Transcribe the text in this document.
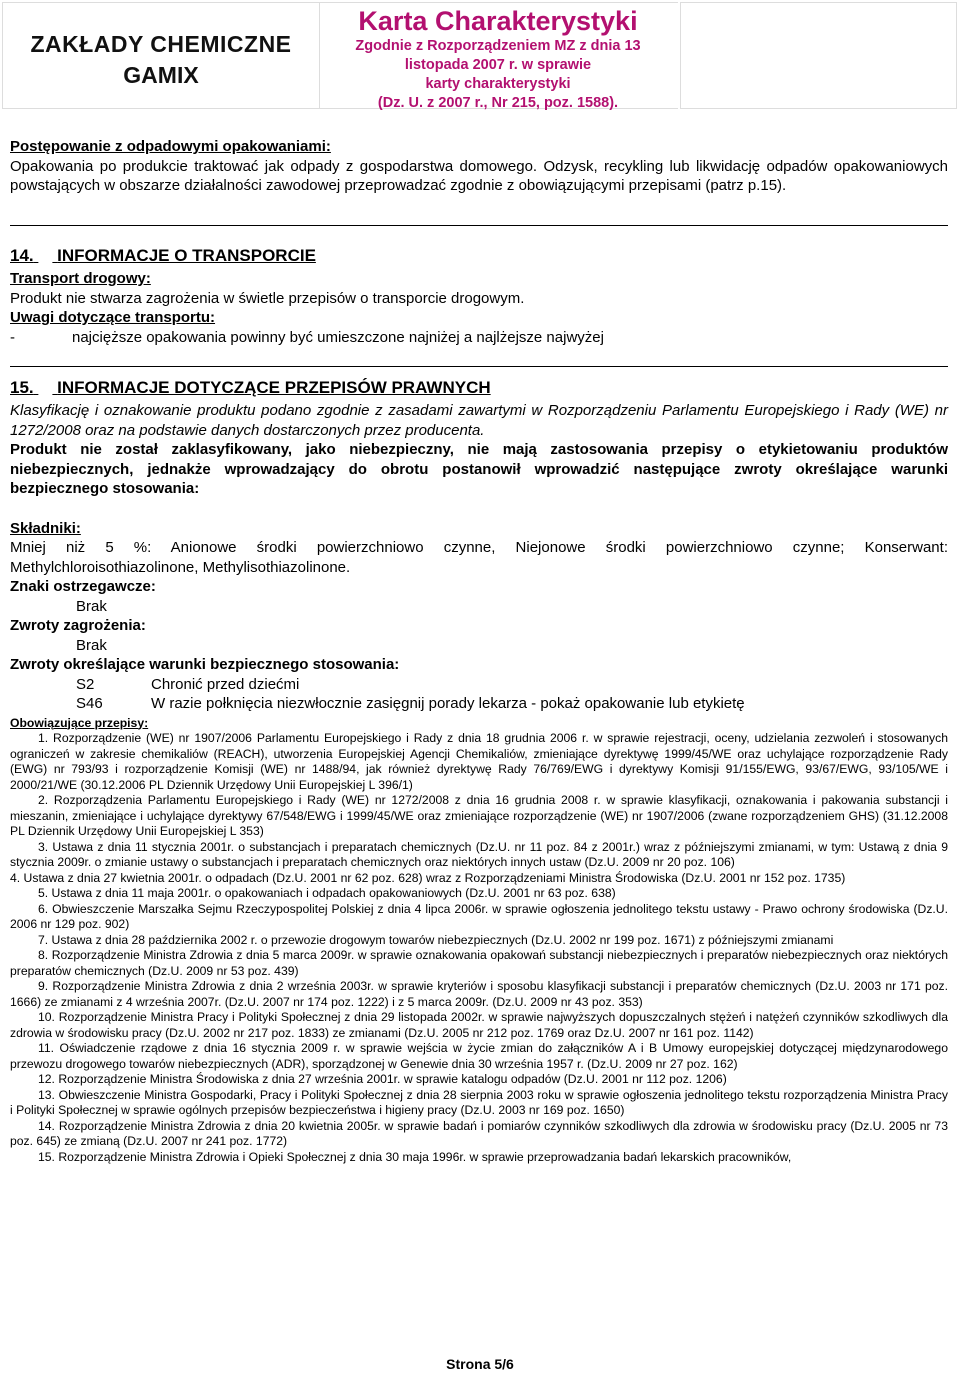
ZAKŁADY CHEMICZNE
GAMIX
Karta Charakterystyki
Zgodnie z Rozporządzeniem MZ z dnia 13
listopada 2007 r. w sprawie
karty charakterystyki
(Dz. U. z 2007 r., Nr 215, poz. 1588).
Postępowanie z odpadowymi opakowaniami:
Opakowania po produkcie traktować jak odpady z gospodarstwa domowego. Odzysk, recykling lub likwidację odpadów opakowaniowych powstających w obszarze działalności zawodowej przeprowadzać zgodnie z obowiązującymi przepisami (patrz p.15).
14. INFORMACJE O TRANSPORCIE
Transport drogowy:
Produkt nie stwarza zagrożenia w świetle przepisów o transporcie drogowym.
Uwagi dotyczące transportu:
-	najcięższe opakowania powinny być umieszczone najniżej a najlżejsze najwyżej
15. INFORMACJE DOTYCZĄCE PRZEPISÓW PRAWNYCH
Klasyfikację i oznakowanie produktu podano zgodnie z zasadami zawartymi w Rozporządzeniu Parlamentu Europejskiego i Rady (WE) nr 1272/2008 oraz na podstawie danych dostarczonych przez producenta.
Produkt nie został zaklasyfikowany, jako niebezpieczny, nie mają zastosowania przepisy o etykietowaniu produktów niebezpiecznych, jednakże wprowadzający do obrotu postanowił wprowadzić następujące zwroty określające warunki bezpiecznego stosowania:
Składniki:
Mniej niż 5 %: Anionowe środki powierzchniowo czynne, Niejonowe środki powierzchniowo czynne; Konserwant: Methylchloroisothiazolinone, Methylisothiazolinone.
Znaki ostrzegawcze:
Brak
Zwroty zagrożenia:
Brak
Zwroty określające warunki bezpiecznego stosowania:
S2	Chronić przed dziećmi
S46	W razie połknięcia niezwłocznie zasięgnij porady lekarza - pokaż opakowanie lub etykietę
Obowiązujące przepisy:
1. Rozporządzenie (WE) nr 1907/2006 Parlamentu Europejskiego i Rady z dnia 18 grudnia 2006 r. w sprawie rejestracji, oceny, udzielania zezwoleń i stosowanych ograniczeń w zakresie chemikaliów (REACH), utworzenia Europejskiej Agencji Chemikaliów, zmieniające dyrektywę 1999/45/WE oraz uchylające rozporządzenie Rady (EWG) nr 793/93 i rozporządzenie Komisji (WE) nr 1488/94, jak również dyrektywę Rady 76/769/EWG i dyrektywy Komisji 91/155/EWG, 93/67/EWG, 93/105/WE i 2000/21/WE (30.12.2006 PL Dziennik Urzędowy Unii Europejskiej L 396/1)
2. Rozporządzenia Parlamentu Europejskiego i Rady (WE) nr 1272/2008 z dnia 16 grudnia 2008 r. w sprawie klasyfikacji, oznakowania i pakowania substancji i mieszanin, zmieniające i uchylające dyrektywy 67/548/EWG i 1999/45/WE oraz zmieniające rozporządzenie (WE) nr 1907/2006 (zwane rozporządzeniem GHS) (31.12.2008 PL Dziennik Urzędowy Unii Europejskiej L 353)
3. Ustawa z dnia 11 stycznia 2001r. o substancjach i preparatach chemicznych (Dz.U. nr 11 poz. 84 z 2001r.) wraz z późniejszymi zmianami, w tym: Ustawą z dnia 9 stycznia 2009r. o zmianie ustawy o substancjach i preparatach chemicznych oraz niektórych innych ustaw (Dz.U. 2009 nr 20 poz. 106)
4. Ustawa z dnia 27 kwietnia 2001r. o odpadach (Dz.U. 2001 nr 62 poz. 628) wraz z Rozporządzeniami Ministra Środowiska (Dz.U. 2001 nr 152 poz. 1735)
5. Ustawa z dnia 11 maja 2001r. o opakowaniach i odpadach opakowaniowych (Dz.U. 2001 nr 63 poz. 638)
6. Obwieszczenie Marszałka Sejmu Rzeczypospolitej Polskiej z dnia 4 lipca 2006r. w sprawie ogłoszenia jednolitego tekstu ustawy - Prawo ochrony środowiska (Dz.U. 2006 nr 129 poz. 902)
7. Ustawa z dnia 28 października 2002 r. o przewozie drogowym towarów niebezpiecznych (Dz.U. 2002 nr 199 poz. 1671) z późniejszymi zmianami
8. Rozporządzenie Ministra Zdrowia z dnia 5 marca 2009r. w sprawie oznakowania opakowań substancji niebezpiecznych i preparatów niebezpiecznych oraz niektórych preparatów chemicznych (Dz.U. 2009 nr 53 poz. 439)
9. Rozporządzenie Ministra Zdrowia z dnia 2 września 2003r. w sprawie kryteriów i sposobu klasyfikacji substancji i preparatów chemicznych (Dz.U. 2003 nr 171 poz. 1666) ze zmianami z 4 września 2007r. (Dz.U. 2007 nr 174 poz. 1222) i z 5 marca 2009r. (Dz.U. 2009 nr 43 poz. 353)
10. Rozporządzenie Ministra Pracy i Polityki Społecznej z dnia 29 listopada 2002r. w sprawie najwyższych dopuszczalnych stężeń i natężeń czynników szkodliwych dla zdrowia w środowisku pracy (Dz.U. 2002 nr 217 poz. 1833) ze zmianami (Dz.U. 2005 nr 212 poz. 1769 oraz Dz.U. 2007 nr 161 poz. 1142)
11. Oświadczenie rządowe z dnia 16 stycznia 2009 r. w sprawie wejścia w życie zmian do załączników A i B Umowy europejskiej dotyczącej międzynarodowego przewozu drogowego towarów niebezpiecznych (ADR), sporządzonej w Genewie dnia 30 września 1957 r. (Dz.U. 2009 nr 27 poz. 162)
12. Rozporządzenie Ministra Środowiska z dnia 27 września 2001r. w sprawie katalogu odpadów (Dz.U. 2001 nr 112 poz. 1206)
13. Obwieszczenie Ministra Gospodarki, Pracy i Polityki Społecznej z dnia 28 sierpnia 2003 roku w sprawie ogłoszenia jednolitego tekstu rozporządzenia Ministra Pracy i Polityki Społecznej w sprawie ogólnych przepisów bezpieczeństwa i higieny pracy (Dz.U. 2003 nr 169 poz. 1650)
14. Rozporządzenie Ministra Zdrowia z dnia 20 kwietnia 2005r. w sprawie badań i pomiarów czynników szkodliwych dla zdrowia w środowisku pracy (Dz.U. 2005 nr 73 poz. 645) ze zmianą (Dz.U. 2007 nr 241 poz. 1772)
15. Rozporządzenie Ministra Zdrowia i Opieki Społecznej z dnia 30 maja 1996r. w sprawie przeprowadzania badań lekarskich pracowników,
Strona 5/6
